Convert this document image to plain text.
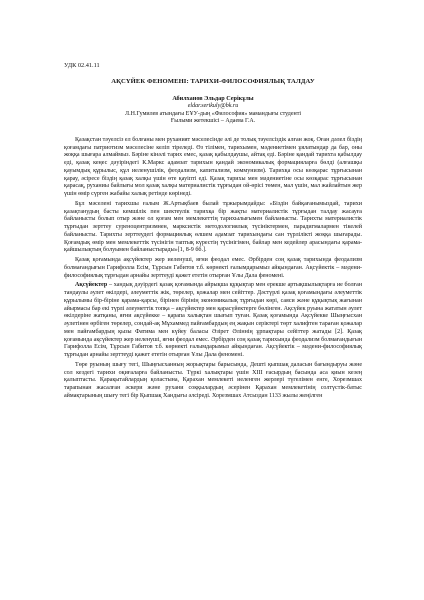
УДК 02.41.11
АҚСҮЙЕК ФЕНОМЕНІ: ТАРИХИ-ФИЛОСОФИЯЛЫҚ ТАЛДАУ
Абилханов Эльдар Серікұлы
eldar.serikuly@bk.ru
Л.Н.Гумилев атындағы ЕҰУ-дың «Философия» мамандығы студенті
Ғылыми жетекшісі – Адаева Г.А.

Қазақстан тәуелсіз ел болғаны мен руханият мәселесінде әлі де толық тәуелсіздік алған жоқ. Оған дәлел біздің қоғамдағы патриотизм мәселесіне келіп тіреледі. Өз тілімен, тарихымен, мәдениетімен ұялатындар да бар, оны жоққа шығара алмаймыз. Бәріне кінәлі тарих емес, қазақ қабылдаушы, айтақ еді. Бәріне қандай тарихта қабылдау еді, қазақ кеңес дәуіріндегі К.Маркс адамзат тарихын қандай экономикалық формацияларға бөлді (алғашқы қауымдық құрылыс, құл иеленушілік, феодализм, капитализм, коммунизм). Тарихқа осы көзқарас тұрғысынан қарау, әсіресе біздің қазақ халқы үшін өте қауіпті еді. Қазақ тарихы мен мәдениетіне осы көзқарас тұрғысынан қарасақ, руханиы байлығы мол қазақ халқы материалистік тұрғыдан ой-өрісі төмен, мал үшін, мал жайлайтын жер үшін өмір сүрген жабайы халық ретінде көрінеді.

Бұл мәселені тарихшы ғалым Ж.Артықбаев былай тұжырымдайды: «Біздін байқағанымыздай, тарихи қазақтанудың басты кемшілік пен шектеулік тарихқа бір жақты материалистік тұрғыдан талдау жасауға байланысты болып отыр және ол қоғам мен мемлекеттің тарихылығымен байланысты. Тарихты материалистік тұрғыдан зерттеу суреноцентризмнен, марксистік методологиялық түсініктермен, парадигмалармен тікелей байланысты. Тарихты зерттеудегі формациялық өлшем адамзат тарихындағы сан түрлілікті жоққа шығарады. Қоғамдық өмір мен мемлекеттік түсінігін таптық күрестің түсінігімен, байлар мен кедейлер арасындағы қарама- қайшылықтың болуымен байланыстырады»[1, 8-9 бб.].

Қазақ қоғамында ақсүйектер жер иеленуші, яғни феодал емес. Әрбірден соң қазақ тарихында феодализм болмағандығын Гарифолла Есім, Тұрсын Габитов т.б. көрнекті ғалымдарымыз айқындаған. Ақсүйектік – мәдени-философиялық тұрғыдан арнайы зерттеуді қажет ететін отырған Ұлы Дала феномені.

Ақсүйектер – хандық дәуірдегі қазақ қоғамында айрықша құқықтар мен ерекше артықшылықтарға ие болған тандаулы әулет өкілдері, әлеуметтік жік, төрелер, қожалар мен сейіттер. Дәстүрлі қазақ қоғамындағы әлеуметтік құрылымы бір-біріне қарама-қарсы, бірінен бірінің экономикалық тұрғыдан көрі, саяси және құқықтық жағынан айырмасы бар екі түрлі әлеуметтік топқа – ақсүйектер мен қарасүйектерге бөлінген. Ақсүйек руына жататын әулет өкілдеріне жатқаны, яғни ақсүйекке – қарапа халықтан шығып туған. Қазақ қоғамында Ақсүйекке Шыңғысхан әулетінен өрбіген төрелер, сондай-ақ Мұхаммед пайғамбардың ең жақын серіктері төрт халифтен тараған қожалар мен пайғамбардың қызы Фатима мен күйеу баласы Әзірет Әліннің ұрпақтары сейіттер жатады [2]. Қазақ қоғамында ақсүйектер жер иеленуші, яғни феодал емес. Әрбірден соң қазақ тарихында феодализм болмағандығын Гарифолла Есім, Тұрсын Габитов т.б. көрнекті ғалымдарымыз айқындаған. Ақсүйектік – мәдени-философиялық тұрғыдан арнайы зерттеуді қажет ететін отырған Ұлы Дала феномені.

Төре руының шығу тегі, Шыңғысханның жорықтары барысында, Дешті қыпшақ даласын бағындыруы және сол кездегі тарихи оқиғаларға байланысты. Түркі халықтары үшін XIII ғасырдың басында аса қиын кезең қалыптасты. Қарақытайлардың қоластына, Қарахан мемлекеті иеленген жерлері түгелімен енге, Хорезмшах тарапынан жасалған әскери және рухани соққылардың әсерінен Қарахан мемлекетінің солтүстік-батыс аймақтарының шығу тегі бір Қыпшақ Хандығы әлсіреді. Хорезмшах Атсыздан 1133 жылы жеңілген
